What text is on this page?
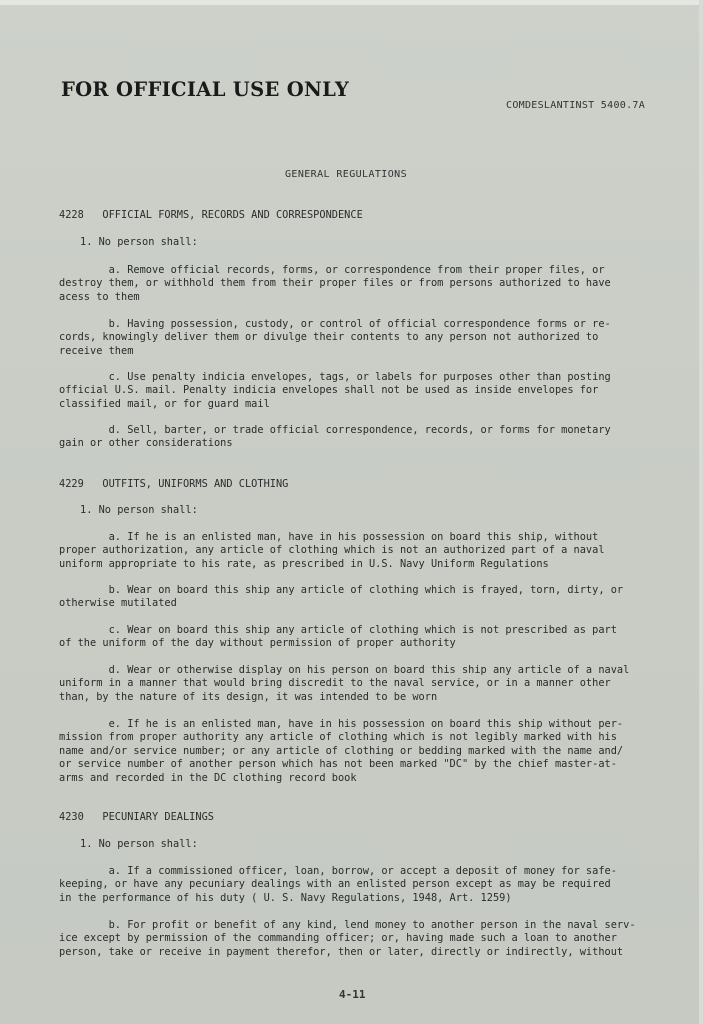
FOR OFFICIAL USE ONLY
COMDESLANTINST 5400.7A
GENERAL REGULATIONS
4228   OFFICIAL FORMS, RECORDS AND CORRESPONDENCE
1. No person shall:
a. Remove official records, forms, or correspondence from their proper files, or
destroy them, or withhold them from their proper files or from persons authorized to have
acess to them
b. Having possession, custody, or control of official correspondence forms or re-
cords, knowingly deliver them or divulge their contents to any person not authorized to
receive them
c. Use penalty indicia envelopes, tags, or labels for purposes other than posting
official U.S. mail. Penalty indicia envelopes shall not be used as inside envelopes for
classified mail, or for guard mail
d. Sell, barter, or trade official correspondence, records, or forms for monetary
gain or other considerations
4229   OUTFITS, UNIFORMS AND CLOTHING
1. No person shall:
a. If he is an enlisted man, have in his possession on board this ship, without
proper authorization, any article of clothing which is not an authorized part of a naval
uniform appropriate to his rate, as prescribed in U.S. Navy Uniform Regulations
b. Wear on board this ship any article of clothing which is frayed, torn, dirty, or
otherwise mutilated
c. Wear on board this ship any article of clothing which is not prescribed as part
of the uniform of the day without permission of proper authority
d. Wear or otherwise display on his person on board this ship any article of a naval
uniform in a manner that would bring discredit to the naval service, or in a manner other
than, by the nature of its design, it was intended to be worn
e. If he is an enlisted man, have in his possession on board this ship without per-
mission from proper authority any article of clothing which is not legibly marked with his
name and/or service number; or any article of clothing or bedding marked with the name and/
or service number of another person which has not been marked "DC" by the chief master-at-
arms and recorded in the DC clothing record book
4230   PECUNIARY DEALINGS
1. No person shall:
a. If a commissioned officer, loan, borrow, or accept a deposit of money for safe-
keeping, or have any pecuniary dealings with an enlisted person except as may be required
in the performance of his duty ( U. S. Navy Regulations, 1948, Art. 1259)
b. For profit or benefit of any kind, lend money to another person in the naval serv-
ice except by permission of the commanding officer; or, having made such a loan to another
person, take or receive in payment therefor, then or later, directly or indirectly, without
4-11
